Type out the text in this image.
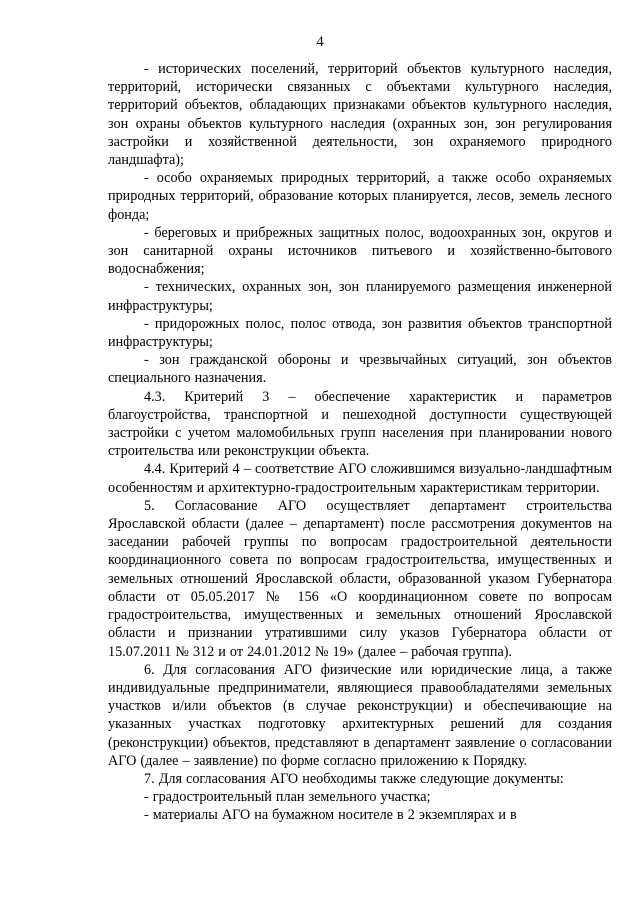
4

- исторических поселений, территорий объектов культурного наследия, территорий, исторически связанных с объектами культурного наследия, территорий объектов, обладающих признаками объектов культурного наследия, зон охраны объектов культурного наследия (охранных зон, зон регулирования застройки и хозяйственной деятельности, зон охраняемого природного ландшафта);

- особо охраняемых природных территорий, а также особо охраняемых природных территорий, образование которых планируется, лесов, земель лесного фонда;

- береговых и прибрежных защитных полос, водоохранных зон, округов и зон санитарной охраны источников питьевого и хозяйственно-бытового водоснабжения;

- технических, охранных зон, зон планируемого размещения инженерной инфраструктуры;

- придорожных полос, полос отвода, зон развития объектов транспортной инфраструктуры;

- зон гражданской обороны и чрезвычайных ситуаций, зон объектов специального назначения.

4.3. Критерий 3 – обеспечение характеристик и параметров благоустройства, транспортной и пешеходной доступности существующей застройки с учетом маломобильных групп населения при планировании нового строительства или реконструкции объекта.

4.4. Критерий 4 – соответствие АГО сложившимся визуально-ландшафтным особенностям и архитектурно-градостроительным характеристикам территории.

5. Согласование АГО осуществляет департамент строительства Ярославской области (далее – департамент) после рассмотрения документов на заседании рабочей группы по вопросам градостроительной деятельности координационного совета по вопросам градостроительства, имущественных и земельных отношений Ярославской области, образованной указом Губернатора области от 05.05.2017 № 156 «О координационном совете по вопросам градостроительства, имущественных и земельных отношений Ярославской области и признании утратившими силу указов Губернатора области от 15.07.2011 № 312 и от 24.01.2012 № 19» (далее – рабочая группа).

6. Для согласования АГО физические или юридические лица, а также индивидуальные предприниматели, являющиеся правообладателями земельных участков и/или объектов (в случае реконструкции) и обеспечивающие на указанных участках подготовку архитектурных решений для создания (реконструкции) объектов, представляют в департамент заявление о согласовании АГО (далее – заявление) по форме согласно приложению к Порядку.

7. Для согласования АГО необходимы также следующие документы:

- градостроительный план земельного участка;

- материалы АГО на бумажном носителе в 2 экземплярах и в
